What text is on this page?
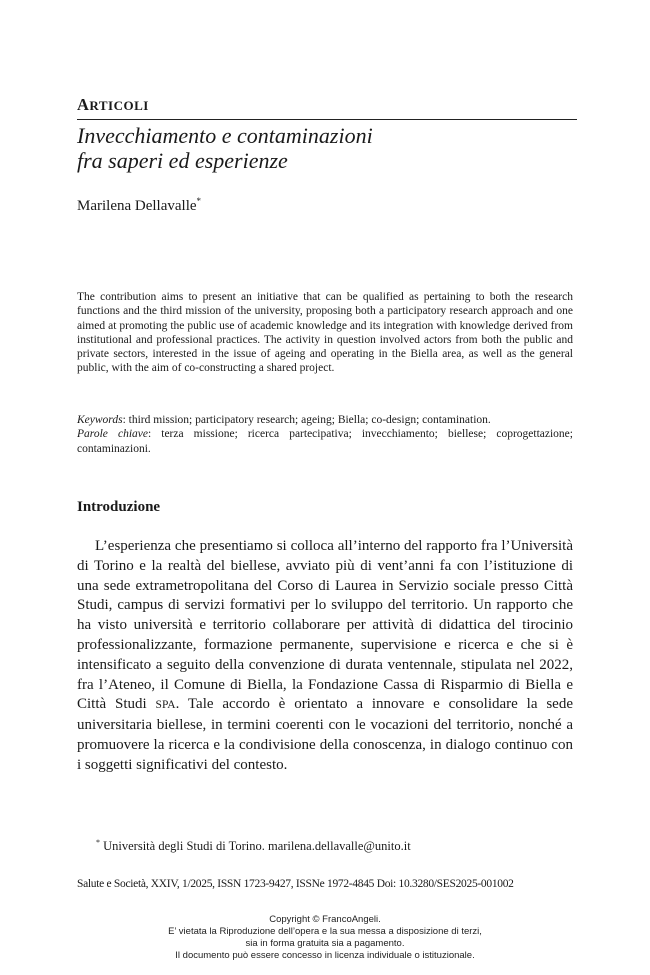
ARTICOLI
Invecchiamento e contaminazioni
fra saperi ed esperienze
Marilena Dellavalle*

The contribution aims to present an initiative that can be qualified as pertaining to both the research functions and the third mission of the university, proposing both a participatory research approach and one aimed at promoting the public use of academic knowledge and its integration with knowledge derived from institutional and professional practices. The activity in question involved actors from both the public and private sectors, interested in the issue of ageing and operating in the Biella area, as well as the general public, with the aim of co-constructing a shared project.

Keywords: third mission; participatory research; ageing; Biella; co-design; contamination.

Parole chiave: terza missione; ricerca partecipativa; invecchiamento; biellese; coprogettazione; contaminazioni.

Introduzione

L’esperienza che presentiamo si colloca all’interno del rapporto fra l’Università di Torino e la realtà del biellese, avviato più di vent’anni fa con l’istituzione di una sede extrametropolitana del Corso di Laurea in Servizio sociale presso Città Studi, campus di servizi formativi per lo sviluppo del territorio. Un rapporto che ha visto università e territorio collaborare per attività di didattica del tirocinio professionalizzante, formazione permanente, supervisione e ricerca e che si è intensificato a seguito della convenzione di durata ventennale, stipulata nel 2022, fra l’Ateneo, il Comune di Biella, la Fondazione Cassa di Risparmio di Biella e Città Studi SPA. Tale accordo è orientato a innovare e consolidare la sede universitaria biellese, in termini coerenti con le vocazioni del territorio, nonché a promuovere la ricerca e la condivisione della conoscenza, in dialogo continuo con i soggetti significativi del contesto.

* Università degli Studi di Torino. marilena.dellavalle@unito.it
Salute e Società, XXIV, 1/2025, ISSN 1723-9427, ISSNe 1972-4845 Doi: 10.3280/SES2025-001002
Copyright © FrancoAngeli.
E’ vietata la Riproduzione dell’opera e la sua messa a disposizione di terzi,
sia in forma gratuita sia a pagamento.
Il documento può essere concesso in licenza individuale o istituzionale.
